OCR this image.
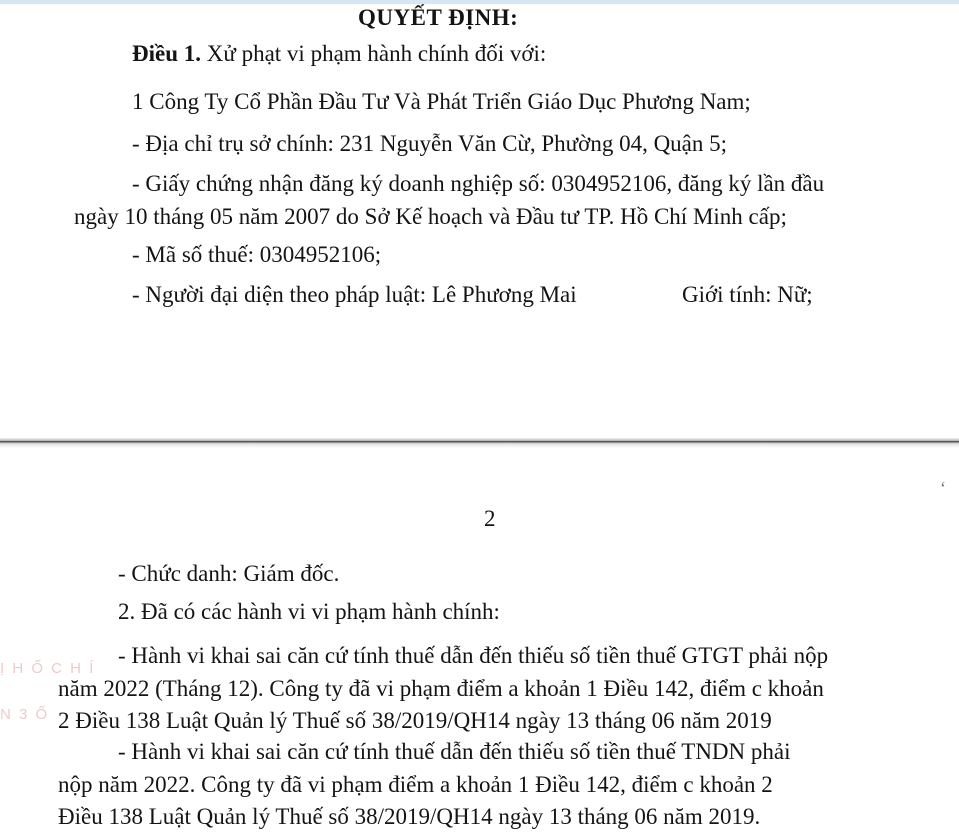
QUYẾT ĐỊNH:
Điều 1. Xử phạt vi phạm hành chính đối với:
1 Công Ty Cổ Phần Đầu Tư Và Phát Triển Giáo Dục Phương Nam;
- Địa chỉ trụ sở chính: 231 Nguyễn Văn Cừ, Phường 04, Quận 5;
- Giấy chứng nhận đăng ký doanh nghiệp số: 0304952106, đăng ký lần đầu
ngày 10 tháng 05 năm 2007 do Sở Kế hoạch và Đầu tư TP. Hồ Chí Minh cấp;
- Mã số thuế: 0304952106;
- Người đại diện theo pháp luật: Lê Phương Mai	Giới tính: Nữ;
ʻ
2
- Chức danh: Giám đốc.
2. Đã có các hành vi vi phạm hành chính:
Ị H Ố C H Í
N 3 Ố
- Hành vi khai sai căn cứ tính thuế dẫn đến thiếu số tiền thuế GTGT phải nộp
năm 2022 (Tháng 12). Công ty đã vi phạm điểm a khoản 1 Điều 142, điểm c khoản
2 Điều 138 Luật Quản lý Thuế số 38/2019/QH14 ngày 13 tháng 06 năm 2019
- Hành vi khai sai căn cứ tính thuế dẫn đến thiếu số tiền thuế TNDN phải
nộp năm 2022. Công ty đã vi phạm điểm a khoản 1 Điều 142, điểm c khoản 2
Điều 138 Luật Quản lý Thuế số 38/2019/QH14 ngày 13 tháng 06 năm 2019.
